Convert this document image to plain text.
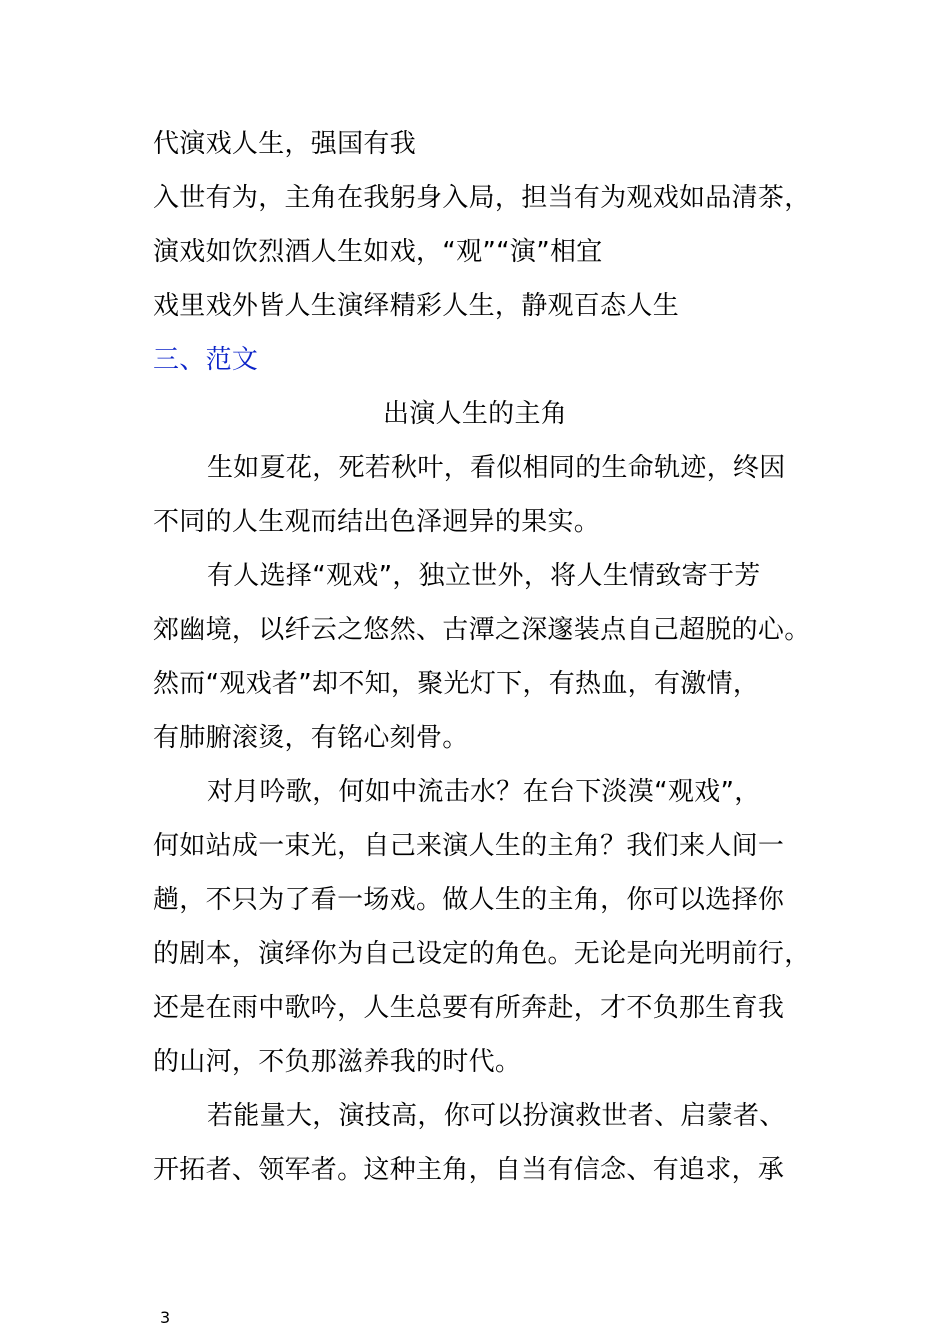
代演戏人生，强国有我
入世有为，主角在我躬身入局，担当有为观戏如品清茶，
演戏如饮烈酒人生如戏，“观”“演”相宜
戏里戏外皆人生演绎精彩人生，静观百态人生
三、范文
出演人生的主角
生如夏花，死若秋叶，看似相同的生命轨迹，终因
不同的人生观而结出色泽迥异的果实。
有人选择“观戏”，独立世外，将人生情致寄于芳
郊幽境，以纤云之悠然、古潭之深邃装点自己超脱的心。
然而“观戏者”却不知，聚光灯下，有热血，有激情，
有肺腑滚烫，有铭心刻骨。
对月吟歌，何如中流击水？在台下淡漠“观戏”，
何如站成一束光，自己来演人生的主角？我们来人间一
趟，不只为了看一场戏。做人生的主角，你可以选择你
的剧本，演绎你为自己设定的角色。无论是向光明前行，
还是在雨中歌吟，人生总要有所奔赴，才不负那生育我
的山河，不负那滋养我的时代。
若能量大，演技高，你可以扮演救世者、启蒙者、
开拓者、领军者。这种主角，自当有信念、有追求，承
3
